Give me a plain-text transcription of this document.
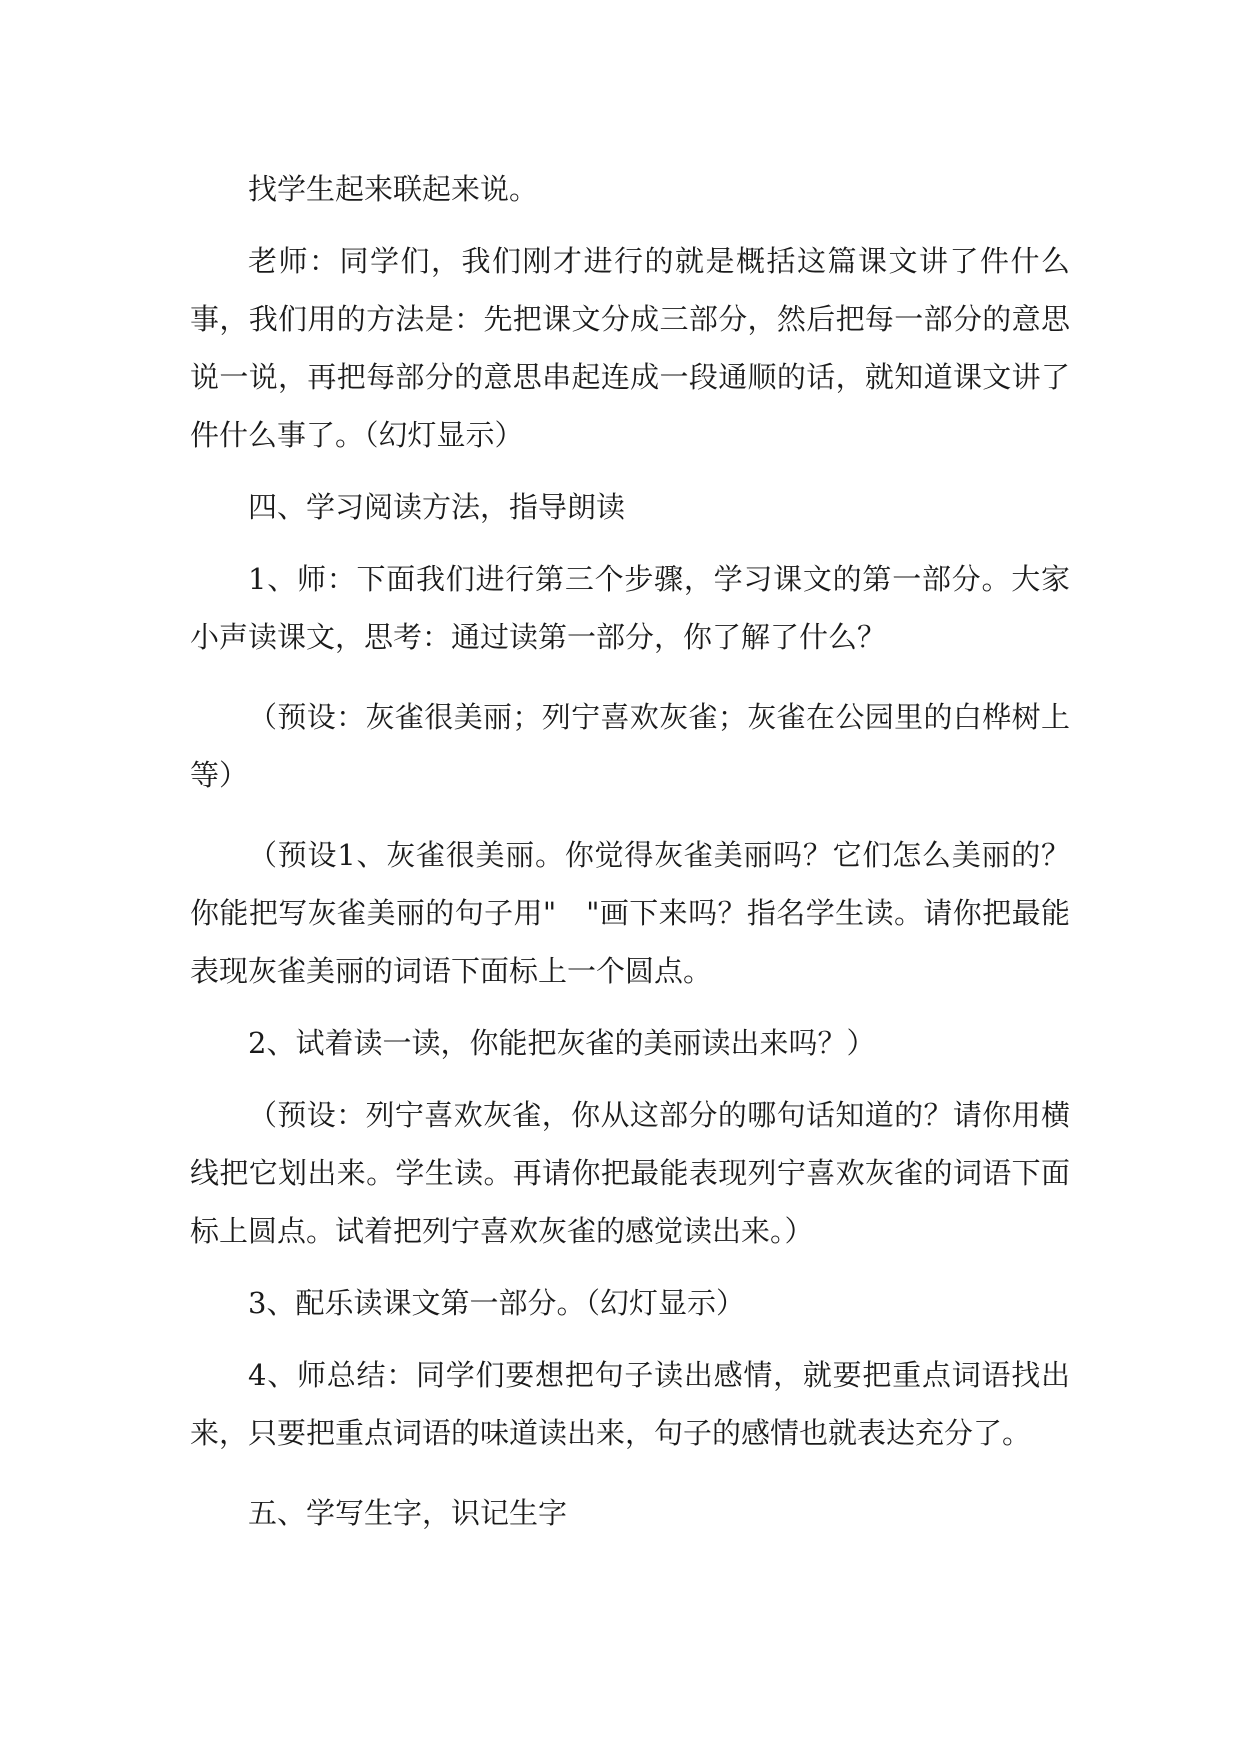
找学生起来联起来说。

老师：同学们，我们刚才进行的就是概括这篇课文讲了件什么事，我们用的方法是：先把课文分成三部分，然后把每一部分的意思说一说，再把每部分的意思串起连成一段通顺的话，就知道课文讲了件什么事了。（幻灯显示）

四、学习阅读方法，指导朗读

1、师：下面我们进行第三个步骤，学习课文的第一部分。大家小声读课文，思考：通过读第一部分，你了解了什么？

（预设：灰雀很美丽；列宁喜欢灰雀；灰雀在公园里的白桦树上等）

（预设1、灰雀很美丽。你觉得灰雀美丽吗？它们怎么美丽的？你能把写灰雀美丽的句子用"　"画下来吗？指名学生读。请你把最能表现灰雀美丽的词语下面标上一个圆点。

2、试着读一读，你能把灰雀的美丽读出来吗？）

（预设：列宁喜欢灰雀，你从这部分的哪句话知道的？请你用横线把它划出来。学生读。再请你把最能表现列宁喜欢灰雀的词语下面标上圆点。试着把列宁喜欢灰雀的感觉读出来。）

3、配乐读课文第一部分。（幻灯显示）

4、师总结：同学们要想把句子读出感情，就要把重点词语找出来，只要把重点词语的味道读出来，句子的感情也就表达充分了。

五、学写生字，识记生字
